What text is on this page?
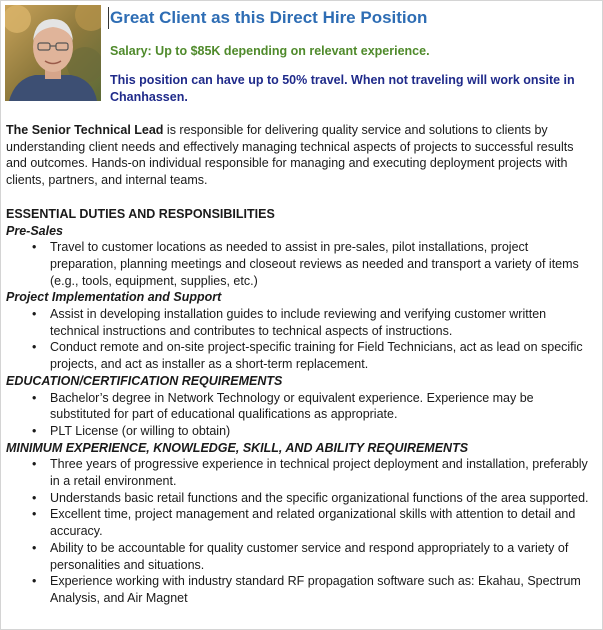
Great Client as this Direct Hire Position
Salary: Up to $85K depending on relevant experience.
This position can have up to 50% travel. When not traveling will work onsite in Chanhassen.

The Senior Technical Lead is responsible for delivering quality service and solutions to clients by understanding client needs and effectively managing technical aspects of projects to successful results and outcomes. Hands-on individual responsible for managing and executing deployment projects with clients, partners, and internal teams.

ESSENTIAL DUTIES AND RESPONSIBILITIES

Pre-Sales

• Travel to customer locations as needed to assist in pre-sales, pilot installations, project preparation, planning meetings and closeout reviews as needed and transport a variety of items (e.g., tools, equipment, supplies, etc.)

Project Implementation and Support

• Assist in developing installation guides to include reviewing and verifying customer written technical instructions and contributes to technical aspects of instructions.
• Conduct remote and on-site project-specific training for Field Technicians, act as lead on specific projects, and act as installer as a short-term replacement.

EDUCATION/CERTIFICATION REQUIREMENTS

• Bachelor’s degree in Network Technology or equivalent experience. Experience may be substituted for part of educational qualifications as appropriate.
• PLT License (or willing to obtain)

MINIMUM EXPERIENCE, KNOWLEDGE, SKILL, AND ABILITY REQUIREMENTS

• Three years of progressive experience in technical project deployment and installation, preferably in a retail environment.
• Understands basic retail functions and the specific organizational functions of the area supported.
• Excellent time, project management and related organizational skills with attention to detail and accuracy.
• Ability to be accountable for quality customer service and respond appropriately to a variety of personalities and situations.
• Experience working with industry standard RF propagation software such as: Ekahau, Spectrum Analysis, and Air Magnet
